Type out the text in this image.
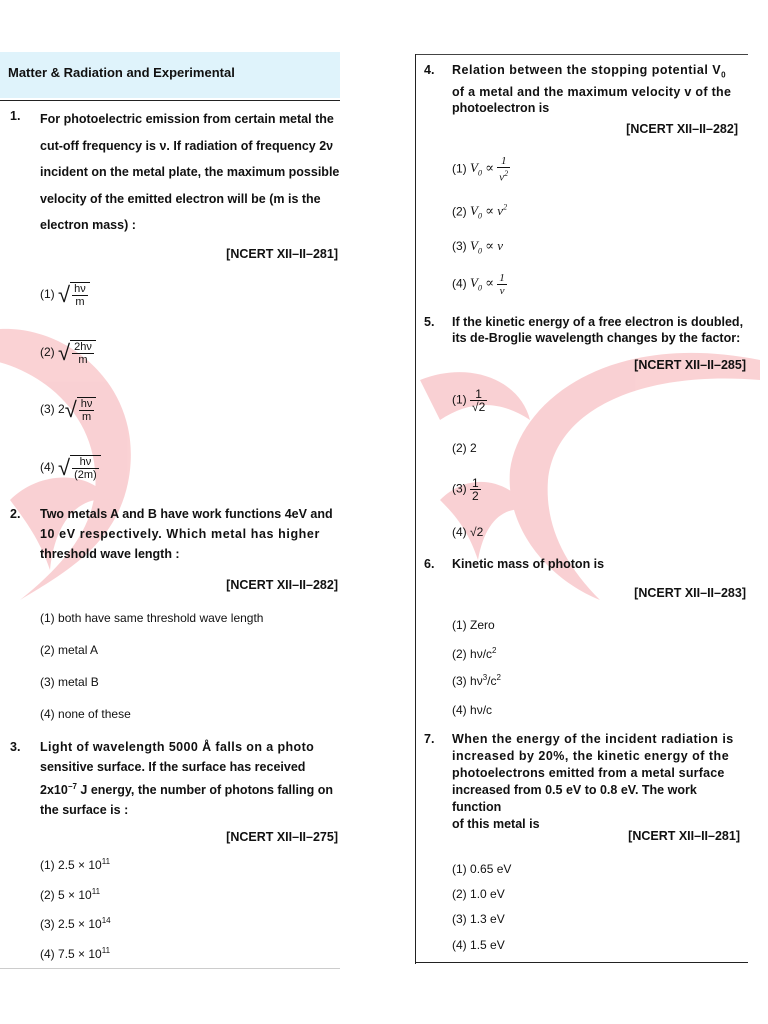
Matter & Radiation and Experimental
1. For photoelectric emission from certain metal the
cut-off frequency is ν. If radiation of frequency 2ν
incident on the metal plate, the maximum possible
velocity of the emitted electron will be (m is the
electron mass) :
[NCERT XII–II–281]
(1) √ $\frac{h\nu}{m}$
(2) √ $\frac{2h\nu}{m}$
(3) $2√ \frac{h\nu}{m}$
(4) √ $\frac{h\nu}{(2m)}$
2. Two metals A and B have work functions 4eV and
10 eV respectively. Which metal has higher
threshold wave length :
[NCERT XII–II–282]
(1) both have same threshold wave length
(2) metal A
(3) metal B
(4) none of these
3. Light of wavelength 5000 Å falls on a photo
sensitive surface. If the surface has received
$2x10^{-7}$ J energy, the number of photons falling on
the surface is :
[NCERT XII–II–275]
(1) $2.5 \times 10^{11}$
(2) $5 \times 10^{11}$
(3) $2.5 \times 10^{14}$
(4) $7.5 \times 10^{11}$
4. Relation between the stopping potential $V_0$
of a metal and the maximum velocity v of the
photoelectron is
[NCERT XII–II–282]
(1) $V_0 \propto \frac{1}{v^2}$
(2) $V_0 \propto v^2$
(3) $V_0 \propto v$
(4) $V_0 \propto \frac{1}{v}$
5. If the kinetic energy of a free electron is doubled,
its de-Broglie wavelength changes by the factor:
[NCERT XII–II–285]
$(1) \frac{1}{√2}$
(2) 2
$(3) \frac{1}{2}$
(4) √2
6. Kinetic mass of photon is
[NCERT XII–II–283]
(1) Zero
(2) $h\nu/c^2$
(3) $h\nu^3/c^2$
(4) hν/c
7. When the energy of the incident radiation is
increased by 20%, the kinetic energy of the
photoelectrons emitted from a metal surface
increased from 0.5 eV to 0.8 eV. The work function
of this metal is
[NCERT XII–II–281]
(1) 0.65 eV
(2) 1.0 eV
(3) 1.3 eV
(4) 1.5 eV
